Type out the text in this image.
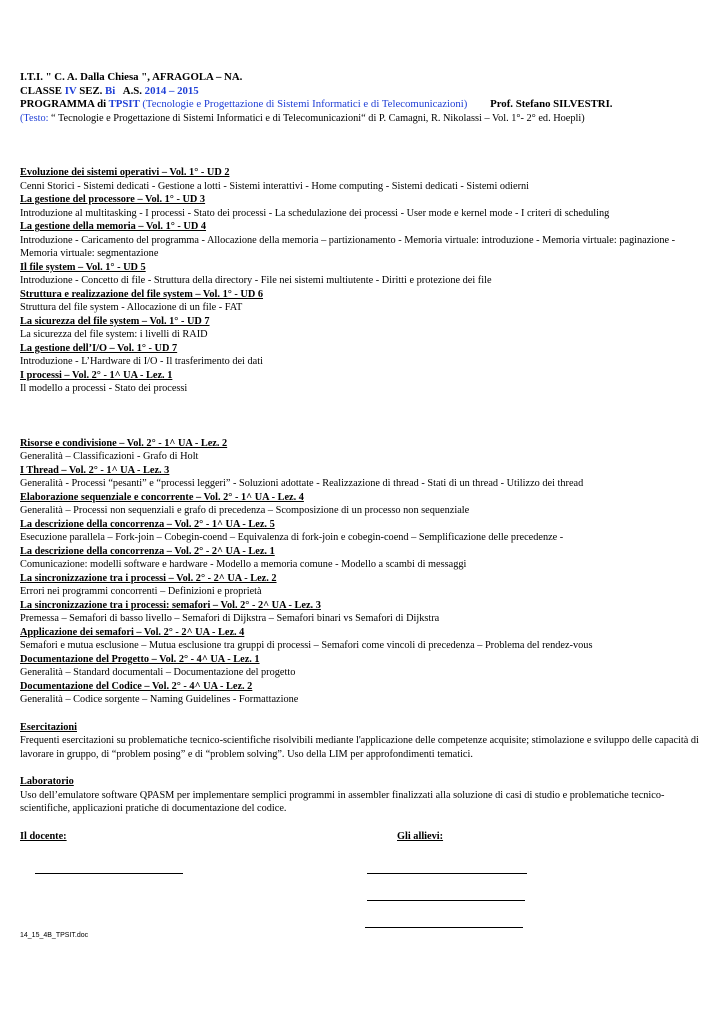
I.T.I. " C. A. Dalla Chiesa ", AFRAGOLA – NA.
CLASSE IV SEZ. Bi A.S. 2014 – 2015
PROGRAMMA di TPSIT (Tecnologie e Progettazione di Sistemi Informatici e di Telecomunicazioni) Prof. Stefano SILVESTRI.
(Testo: “ Tecnologie e Progettazione di Sistemi Informatici e di Telecomunicazioni“ di P. Camagni, R. Nikolassi – Vol. 1°- 2° ed. Hoepli)
Evoluzione dei sistemi operativi – Vol. 1° - UD 2
Cenni Storici - Sistemi dedicati - Gestione a lotti - Sistemi interattivi - Home computing - Sistemi dedicati - Sistemi odierni
La gestione del processore – Vol. 1° - UD 3
Introduzione al multitasking - I processi - Stato dei processi - La schedulazione dei processi - User mode e kernel mode - I criteri di scheduling
La gestione della memoria – Vol. 1° - UD 4
Introduzione - Caricamento del programma - Allocazione della memoria – partizionamento - Memoria virtuale: introduzione - Memoria virtuale: paginazione - Memoria virtuale: segmentazione
Il file system – Vol. 1° - UD 5
Introduzione - Concetto di file - Struttura della directory - File nei sistemi multiutente - Diritti e protezione dei file
Struttura e realizzazione del file system – Vol. 1° - UD 6
Struttura del file system - Allocazione di un file - FAT
La sicurezza del file system – Vol. 1° - UD 7
La sicurezza del file system: i livelli di RAID
La gestione dell’I/O – Vol. 1° - UD 7
Introduzione - L’Hardware di I/O - Il trasferimento dei dati
I processi – Vol. 2° - 1^ UA - Lez. 1
Il modello a processi - Stato dei processi
Risorse e condivisione – Vol. 2° - 1^ UA - Lez. 2
Generalità – Classificazioni - Grafo di Holt
I Thread – Vol. 2° - 1^ UA - Lez. 3
Generalità - Processi “pesanti” e “processi leggeri” - Soluzioni adottate - Realizzazione di thread - Stati di un thread - Utilizzo dei thread
Elaborazione sequenziale e concorrente – Vol. 2° - 1^ UA - Lez. 4
Generalità – Processi non sequenziali e grafo di precedenza – Scomposizione di un processo non sequenziale
La descrizione della concorrenza – Vol. 2° - 1^ UA - Lez. 5
Esecuzione parallela – Fork-join – Cobegin-coend – Equivalenza di fork-join e cobegin-coend – Semplificazione delle precedenze -
La descrizione della concorrenza – Vol. 2° - 2^ UA - Lez. 1
Comunicazione: modelli software e hardware - Modello a memoria comune - Modello a scambi di messaggi
La sincronizzazione tra i processi – Vol. 2° - 2^ UA - Lez. 2
Errori nei programmi concorrenti – Definizioni e proprietà
La sincronizzazione tra i processi: semafori – Vol. 2° - 2^ UA - Lez. 3
Premessa – Semafori di basso livello – Semafori di Dijkstra – Semafori binari vs Semafori di Dijkstra
Applicazione dei semafori – Vol. 2° - 2^ UA - Lez. 4
Semafori e mutua esclusione – Mutua esclusione tra gruppi di processi – Semafori come vincoli di precedenza – Problema del rendez-vous
Documentazione del Progetto – Vol. 2° - 4^ UA - Lez. 1
Generalità – Standard documentali – Documentazione del progetto
Documentazione del Codice – Vol. 2° - 4^ UA - Lez. 2
Generalità – Codice sorgente – Naming Guidelines - Formattazione
Esercitazioni
Frequenti esercitazioni su problematiche tecnico-scientifiche risolvibili mediante l'applicazione delle competenze acquisite; stimolazione e sviluppo delle capacità di lavorare in gruppo, di “problem posing” e di “problem solving”. Uso della LIM per approfondimenti tematici.
Laboratorio
Uso dell’emulatore software QPASM per implementare semplici programmi in assembler finalizzati alla soluzione di casi di studio e problematiche tecnico-scientifiche, applicazioni pratiche di documentazione del codice.
Il docente:	Gli allievi:
14_15_4B_TPSIT.doc
